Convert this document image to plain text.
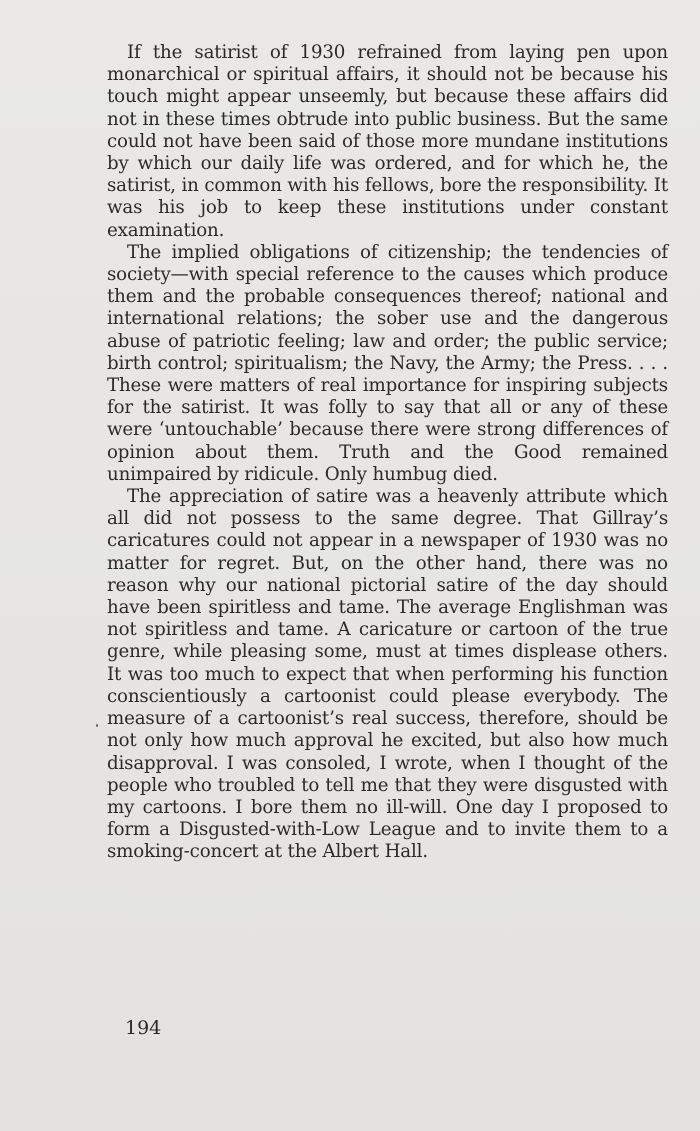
If the satirist of 1930 refrained from laying pen upon monarchical or spiritual affairs, it should not be because his touch might appear unseemly, but because these affairs did not in these times obtrude into public business. But the same could not have been said of those more mundane institutions by which our daily life was ordered, and for which he, the satirist, in common with his fellows, bore the responsibility. It was his job to keep these institutions under constant examination.

The implied obligations of citizenship; the tendencies of society—with special reference to the causes which produce them and the probable consequences thereof; national and international relations; the sober use and the dangerous abuse of patriotic feeling; law and order; the public service; birth control; spiritualism; the Navy, the Army; the Press. . . . These were matters of real importance for inspiring subjects for the satirist. It was folly to say that all or any of these were ‘untouchable’ because there were strong differences of opinion about them. Truth and the Good remained unimpaired by ridicule. Only humbug died.

The appreciation of satire was a heavenly attribute which all did not possess to the same degree. That Gillray’s caricatures could not appear in a newspaper of 1930 was no matter for regret. But, on the other hand, there was no reason why our national pictorial satire of the day should have been spiritless and tame. The average Englishman was not spiritless and tame. A caricature or cartoon of the true genre, while pleasing some, must at times displease others. It was too much to expect that when performing his function conscientiously a cartoonist could please everybody. The measure of a cartoonist’s real success, therefore, should be not only how much approval he excited, but also how much disapproval. I was consoled, I wrote, when I thought of the people who troubled to tell me that they were disgusted with my cartoons. I bore them no ill-will. One day I proposed to form a Disgusted-with-Low League and to invite them to a smoking-concert at the Albert Hall.

194
